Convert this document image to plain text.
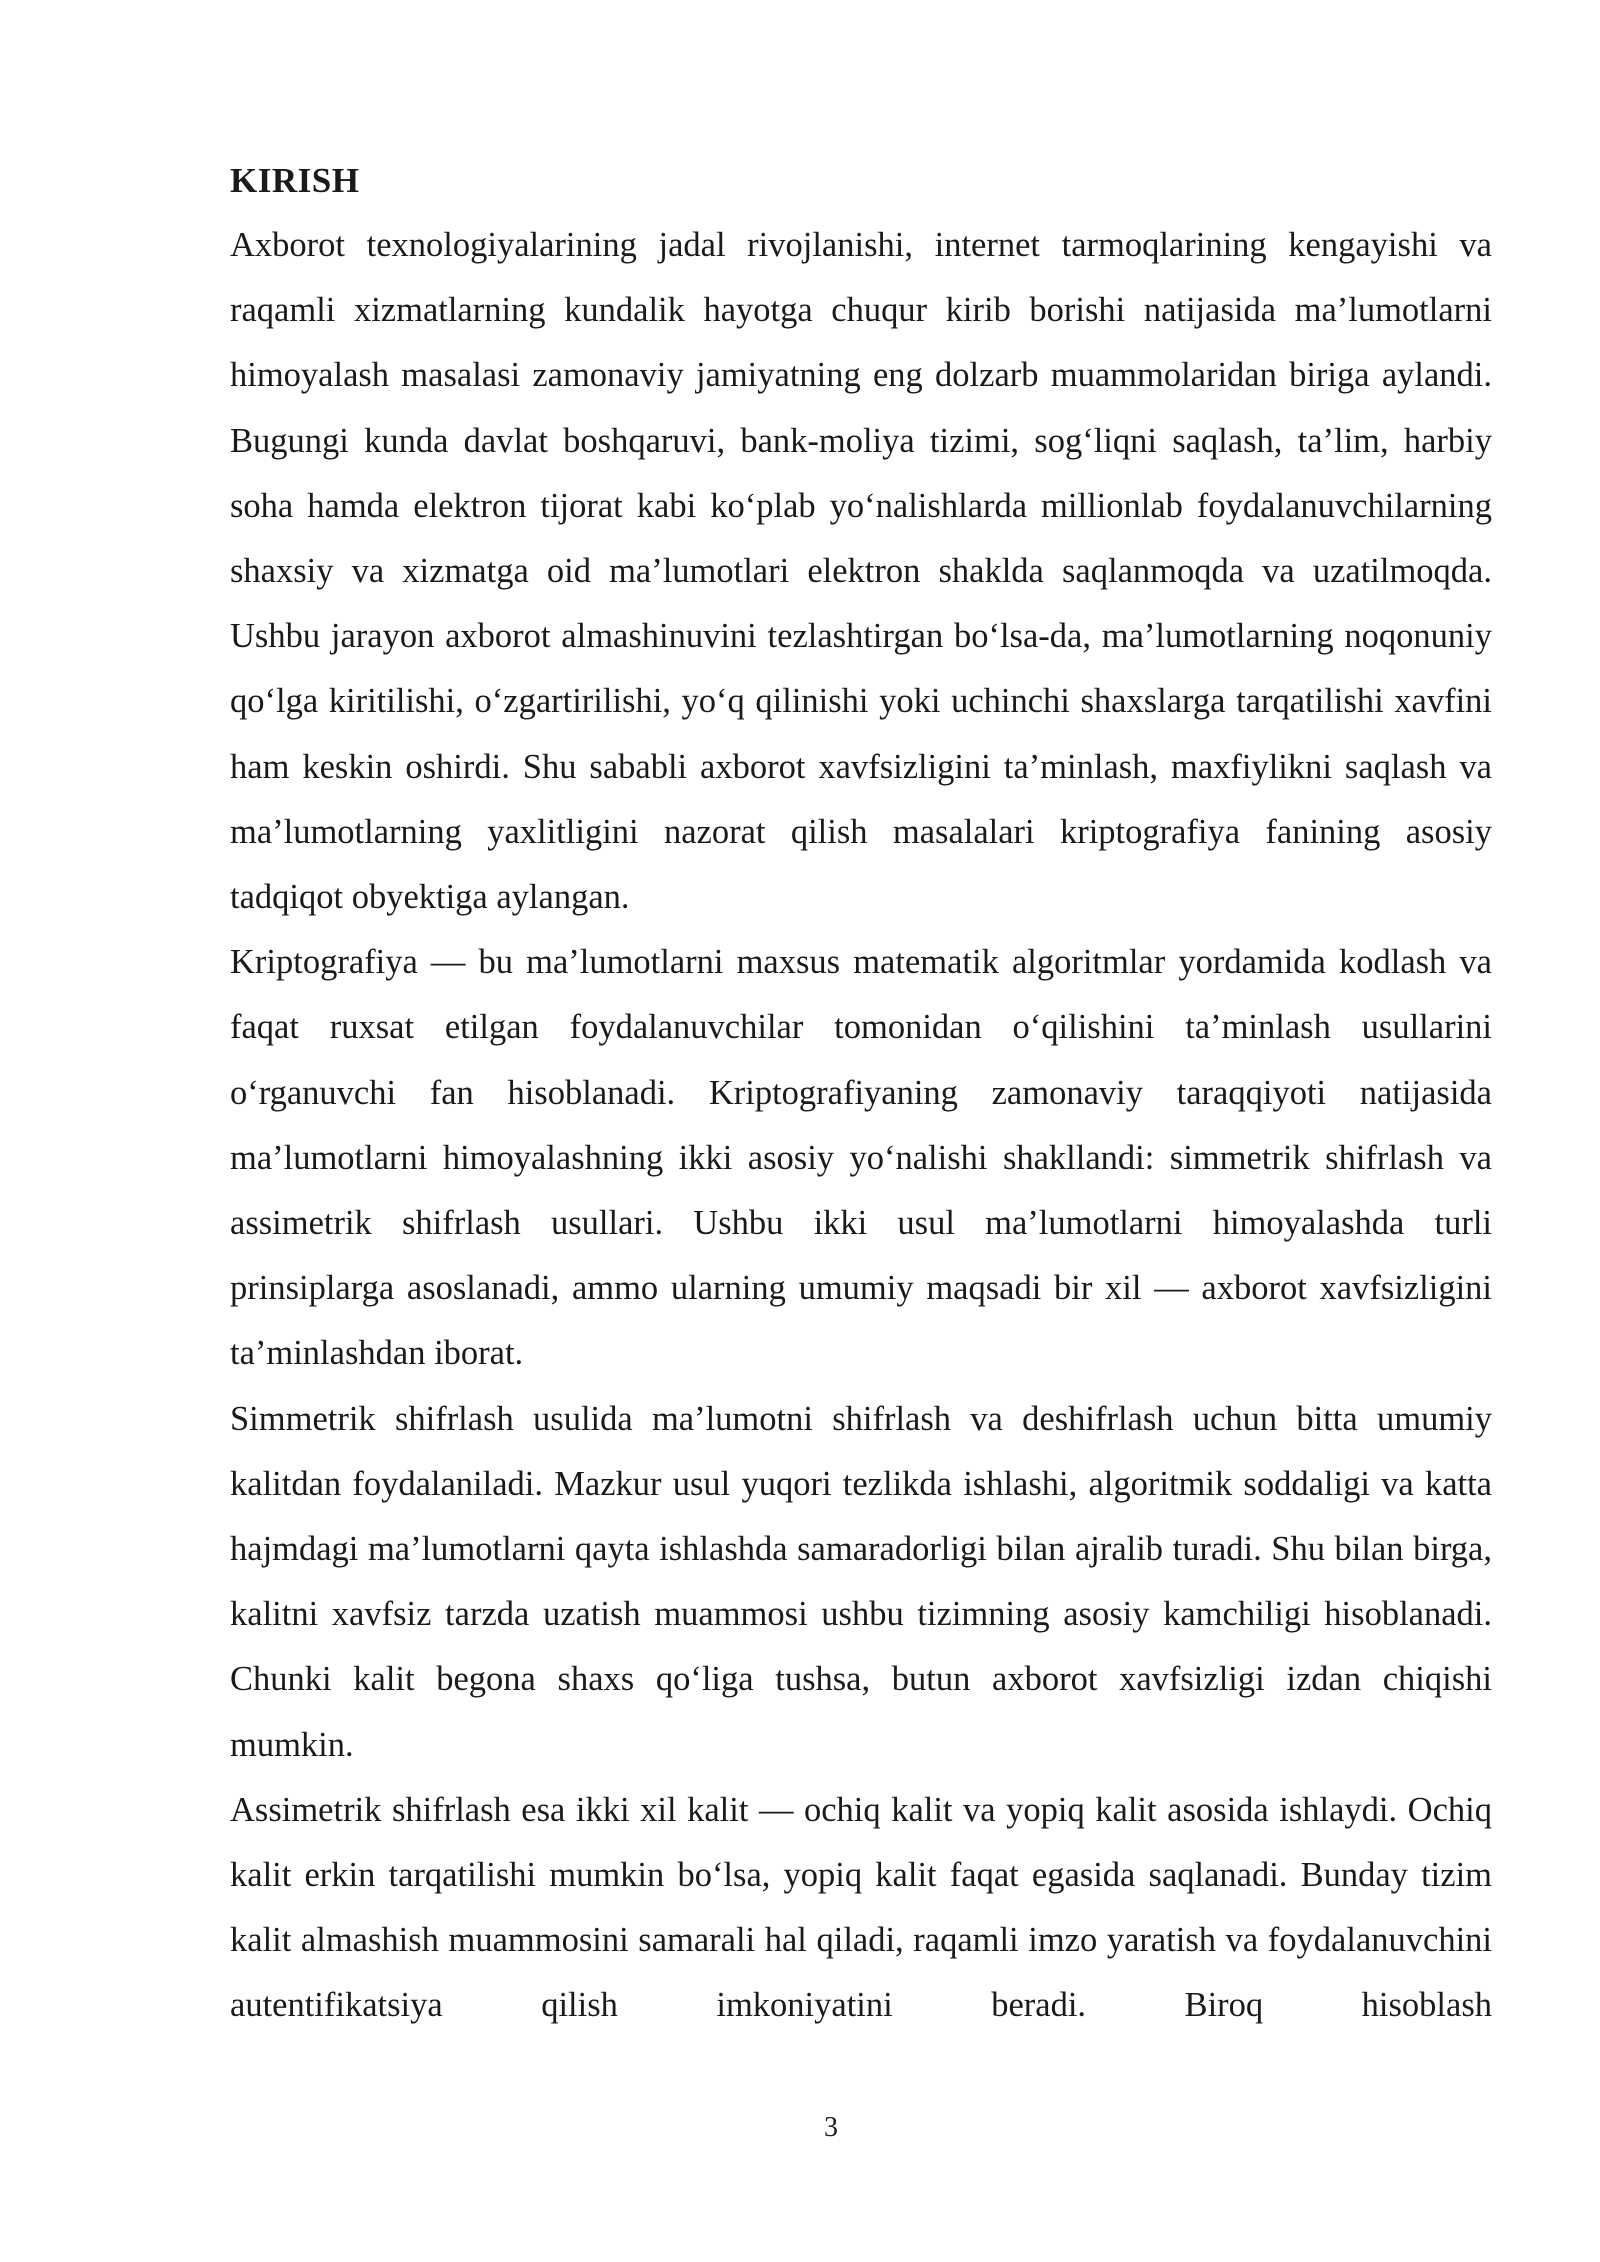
KIRISH

Axborot texnologiyalarining jadal rivojlanishi, internet tarmoqlarining kengayishi va raqamli xizmatlarning kundalik hayotga chuqur kirib borishi natijasida ma’lumotlarni himoyalash masalasi zamonaviy jamiyatning eng dolzarb muammolaridan biriga aylandi. Bugungi kunda davlat boshqaruvi, bank-moliya tizimi, sog‘liqni saqlash, ta’lim, harbiy soha hamda elektron tijorat kabi ko‘plab yo‘nalishlarda millionlab foydalanuvchilarning shaxsiy va xizmatga oid ma’lumotlari elektron shaklda saqlanmoqda va uzatilmoqda. Ushbu jarayon axborot almashinuvini tezlashtirgan bo‘lsa-da, ma’lumotlarning noqonuniy qo‘lga kiritilishi, o‘zgartirilishi, yo‘q qilinishi yoki uchinchi shaxslarga tarqatilishi xavfini ham keskin oshirdi. Shu sababli axborot xavfsizligini ta’minlash, maxfiylikni saqlash va ma’lumotlarning yaxlitligini nazorat qilish masalalari kriptografiya fanining asosiy tadqiqot obyektiga aylangan.

Kriptografiya — bu ma’lumotlarni maxsus matematik algoritmlar yordamida kodlash va faqat ruxsat etilgan foydalanuvchilar tomonidan o‘qilishini ta’minlash usullarini o‘rganuvchi fan hisoblanadi. Kriptografiyaning zamonaviy taraqqiyoti natijasida ma’lumotlarni himoyalashning ikki asosiy yo‘nalishi shakllandi: simmetrik shifrlash va assimetrik shifrlash usullari. Ushbu ikki usul ma’lumotlarni himoyalashda turli prinsiplarga asoslanadi, ammo ularning umumiy maqsadi bir xil — axborot xavfsizligini ta’minlashdan iborat.

Simmetrik shifrlash usulida ma’lumotni shifrlash va deshifrlash uchun bitta umumiy kalitdan foydalaniladi. Mazkur usul yuqori tezlikda ishlashi, algoritmik soddaligi va katta hajmdagi ma’lumotlarni qayta ishlashda samaradorligi bilan ajralib turadi. Shu bilan birga, kalitni xavfsiz tarzda uzatish muammosi ushbu tizimning asosiy kamchiligi hisoblanadi. Chunki kalit begona shaxs qo‘liga tushsa, butun axborot xavfsizligi izdan chiqishi mumkin.

Assimetrik shifrlash esa ikki xil kalit — ochiq kalit va yopiq kalit asosida ishlaydi. Ochiq kalit erkin tarqatilishi mumkin bo‘lsa, yopiq kalit faqat egasida saqlanadi. Bunday tizim kalit almashish muammosini samarali hal qiladi, raqamli imzo yaratish va foydalanuvchini autentifikatsiya qilish imkoniyatini beradi. Biroq hisoblash

3
